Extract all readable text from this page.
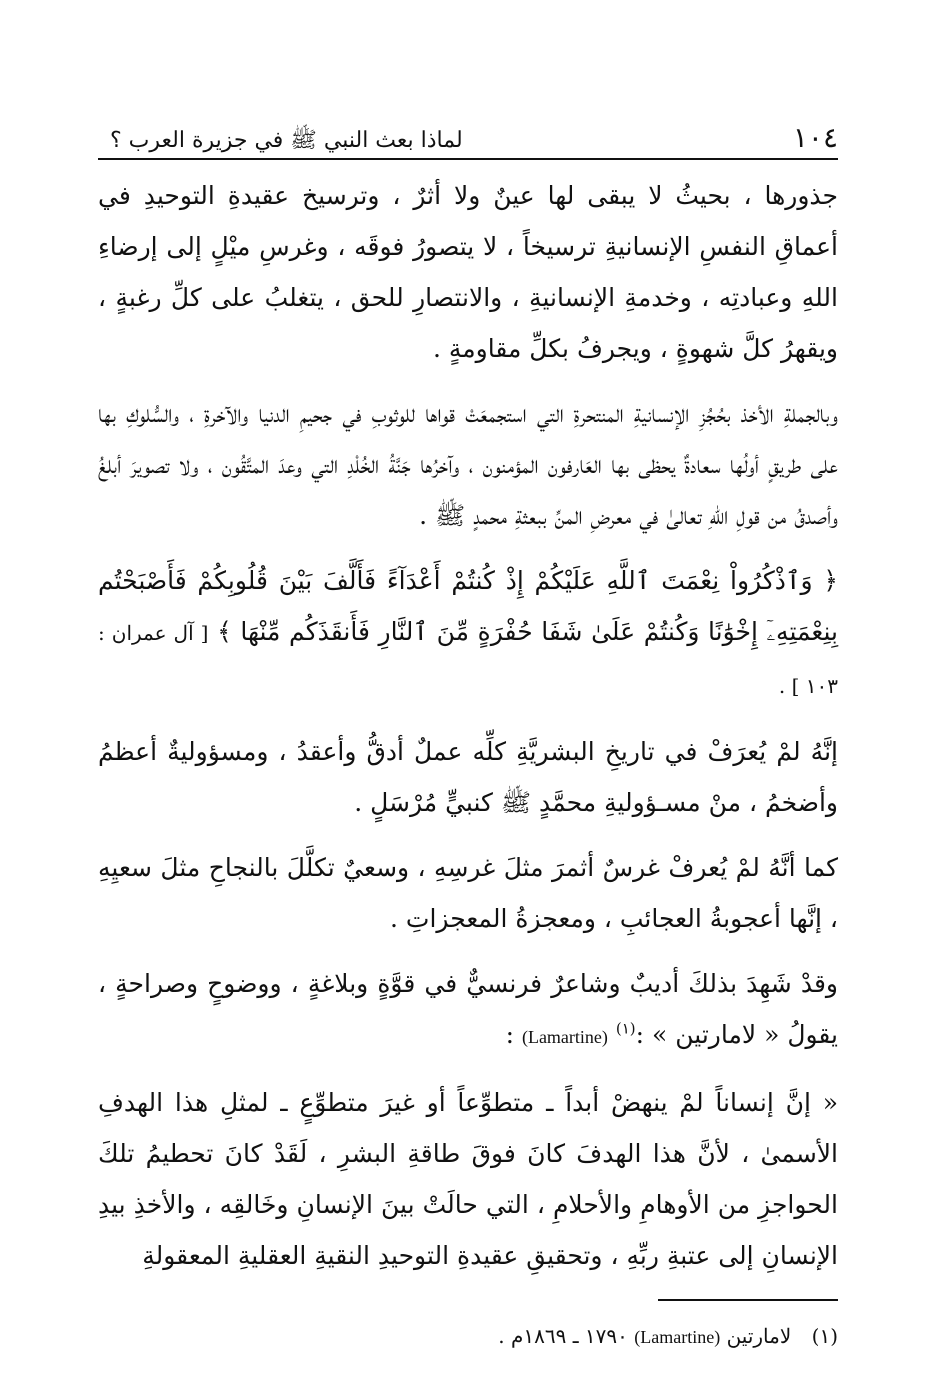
١٠٤
لماذا بعث النبي ﷺ في جزيرة العرب ؟

جذورها ، بحيثُ لا يبقى لها عينٌ ولا أثرٌ ، وترسيخ عقيدةِ التوحيدِ في أعماقِ النفسِ الإنسانيةِ ترسيخاً ، لا يتصورُ فوقَه ، وغرسِ ميْلٍ إلى إرضاءِ اللهِ وعبادتِه ، وخدمةِ الإنسانيةِ ، والانتصارِ للحق ، يتغلبُ على كلِّ رغبةٍ ، ويقهرُ كلَّ شهوةٍ ، ويجرفُ بكلِّ مقاومةٍ .

وبالجملةِ الأخذ بحُجُزِ الإنسانيةِ المنتحرةِ التي استجمعَتْ قواها للوثوبِ في جحيمِ الدنيا والآخرةِ ، والسُّلوكِ بها على طريقٍ أولُها سعادةٌ يحظى بها العَارفون المؤمنون ، وآخرُها جَنَّةُ الخُلْدِ التي وعدَ المتَّقُون ، ولا تصويرَ أبلغُ وأصدقُ من قولِ اللهِ تعالىٰ في معرضِ المنِّ ببعثةِ محمدٍ ﷺ .

﴿ وَٱذْكُرُواْ نِعْمَتَ ٱللَّهِ عَلَيْكُمْ إِذْ كُنتُمْ أَعْدَآءً فَأَلَّفَ بَيْنَ قُلُوبِكُمْ فَأَصْبَحْتُم بِنِعْمَتِهِۦٓ إِخْوَٰنًا وَكُنتُمْ عَلَىٰ شَفَا حُفْرَةٍ مِّنَ ٱلنَّارِ فَأَنقَذَكُم مِّنْهَا ﴾ [ آل عمران : ١٠٣ ] .

إنَّهُ لمْ يُعرَفْ في تاريخِ البشريَّةِ كلِّه عملٌ أدقُّ وأعقدُ ، ومسؤوليةٌ أعظمُ وأضخمُ ، منْ مسـؤوليةِ محمَّدٍ ﷺ كنبيٍّ مُرْسَلٍ .

كما أنَّهُ لمْ يُعرفْ غرسٌ أثمرَ مثلَ غرسِهِ ، وسعيٌ تكلَّلَ بالنجاحِ مثلَ سعيِهِ ، إنَّها أعجوبةُ العجائبِ ، ومعجزةُ المعجزاتِ .

وقدْ شَهِدَ بذلكَ أديبٌ وشاعرٌ فرنسيٌّ في قوَّةٍ وبلاغةٍ ، ووضوحٍ وصراحةٍ ، يقولُ « لامارتين » :$^{(١)}$ (Lamartine) :

« إنَّ إنساناً لمْ ينهضْ أبداً ـ متطوِّعاً أو غيرَ متطوِّعٍ ـ لمثلِ هذا الهدفِ الأسمىٰ ، لأنَّ هذا الهدفَ كانَ فوقَ طاقةِ البشرِ ، لَقَدْ كانَ تحطيمُ تلكَ الحواجزِ من الأوهامِ والأحلامِ ، التي حالَتْ بينَ الإنسانِ وخَالقِه ، والأخذِ بيدِ الإنسانِ إلى عتبةِ ربِّهِ ، وتحقيقِ عقيدةِ التوحيدِ النقيةِ العقليةِ المعقولةِ

(١) لامارتين (Lamartine) ١٧٩٠ ـ ١٨٦٩م .
